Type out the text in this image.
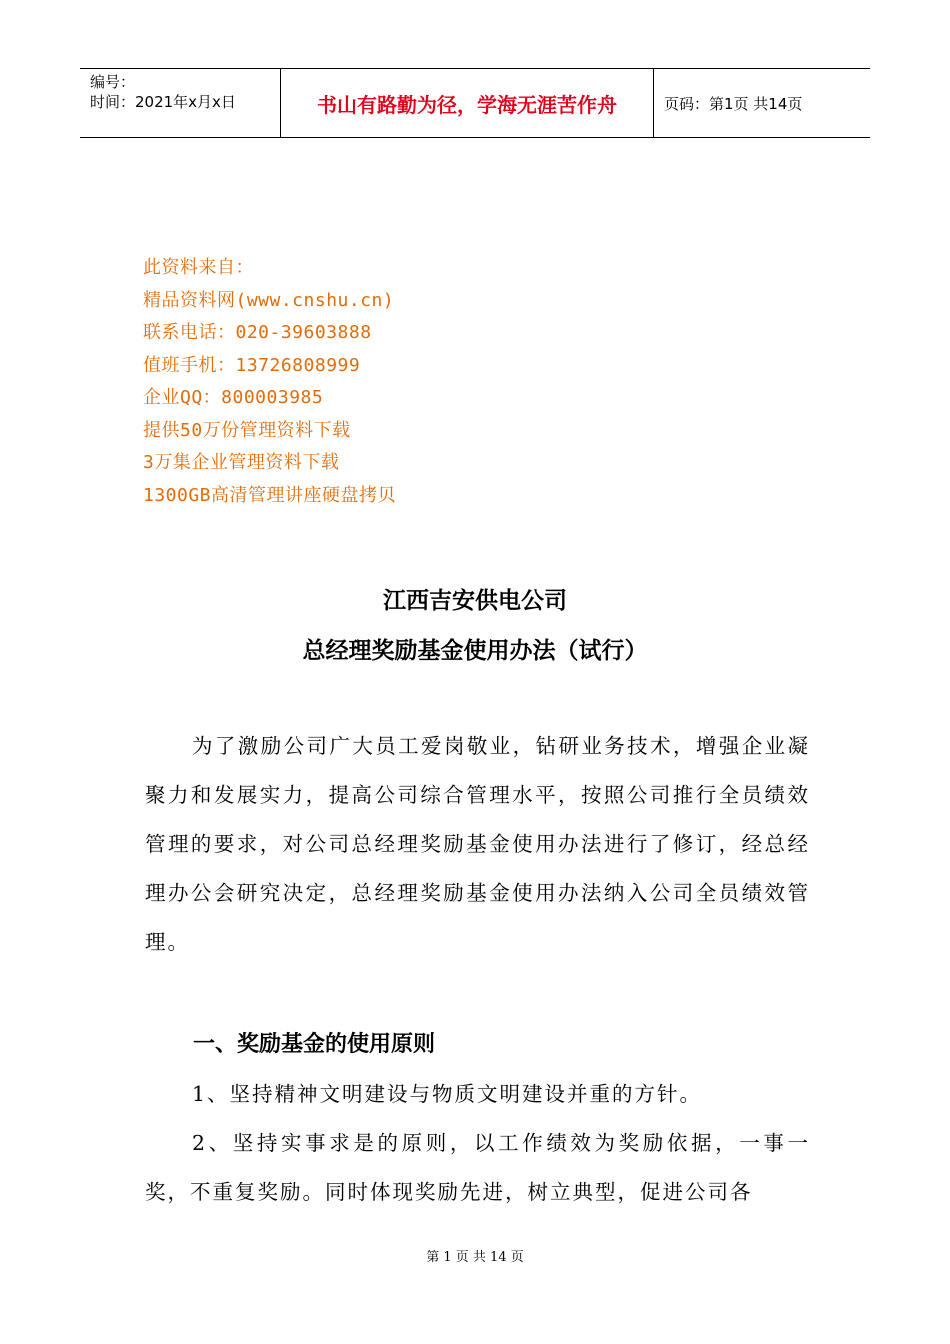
编号：
时间：2021年x月x日	书山有路勤为径，学海无涯苦作舟	页码：第1页 共14页
此资料来自：
精品资料网(www.cnshu.cn)
联系电话：020-39603888
值班手机：13726808999
企业QQ：800003985
提供50万份管理资料下载
3万集企业管理资料下载
1300GB高清管理讲座硬盘拷贝
江西吉安供电公司
总经理奖励基金使用办法（试行）
为了激励公司广大员工爱岗敬业，钻研业务技术，增强企业凝聚力和发展实力，提高公司综合管理水平，按照公司推行全员绩效管理的要求，对公司总经理奖励基金使用办法进行了修订，经总经理办公会研究决定，总经理奖励基金使用办法纳入公司全员绩效管理。
一、奖励基金的使用原则
1、坚持精神文明建设与物质文明建设并重的方针。
2、坚持实事求是的原则，以工作绩效为奖励依据，一事一奖，不重复奖励。同时体现奖励先进，树立典型，促进公司各
第 1 页 共 14 页
